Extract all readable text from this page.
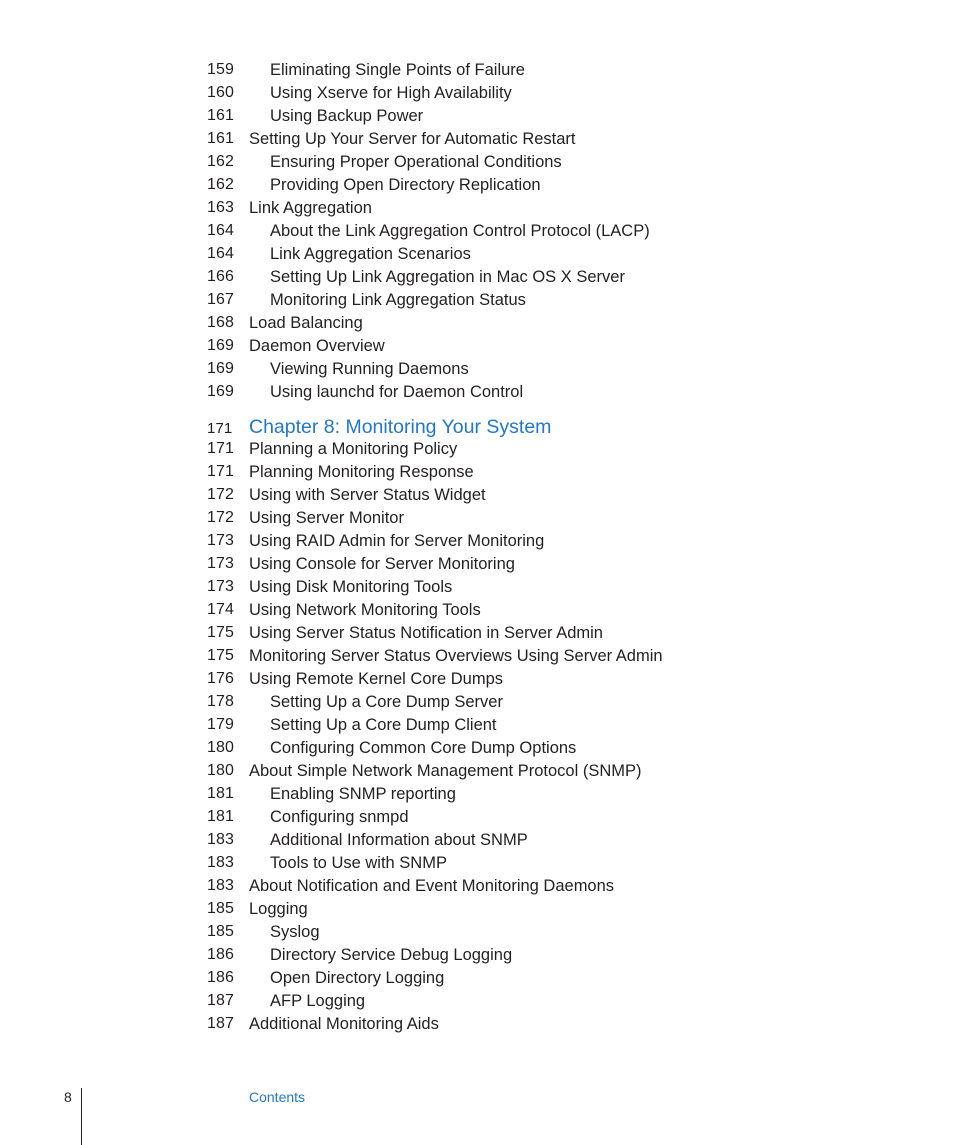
159 Eliminating Single Points of Failure
160 Using Xserve for High Availability
161 Using Backup Power
161 Setting Up Your Server for Automatic Restart
162 Ensuring Proper Operational Conditions
162 Providing Open Directory Replication
163 Link Aggregation
164 About the Link Aggregation Control Protocol (LACP)
164 Link Aggregation Scenarios
166 Setting Up Link Aggregation in Mac OS X Server
167 Monitoring Link Aggregation Status
168 Load Balancing
169 Daemon Overview
169 Viewing Running Daemons
169 Using launchd for Daemon Control
171 Chapter 8: Monitoring Your System
171 Planning a Monitoring Policy
171 Planning Monitoring Response
172 Using with Server Status Widget
172 Using Server Monitor
173 Using RAID Admin for Server Monitoring
173 Using Console for Server Monitoring
173 Using Disk Monitoring Tools
174 Using Network Monitoring Tools
175 Using Server Status Notification in Server Admin
175 Monitoring Server Status Overviews Using Server Admin
176 Using Remote Kernel Core Dumps
178 Setting Up a Core Dump Server
179 Setting Up a Core Dump Client
180 Configuring Common Core Dump Options
180 About Simple Network Management Protocol (SNMP)
181 Enabling SNMP reporting
181 Configuring snmpd
183 Additional Information about SNMP
183 Tools to Use with SNMP
183 About Notification and Event Monitoring Daemons
185 Logging
185 Syslog
186 Directory Service Debug Logging
186 Open Directory Logging
187 AFP Logging
187 Additional Monitoring Aids
8	Contents
